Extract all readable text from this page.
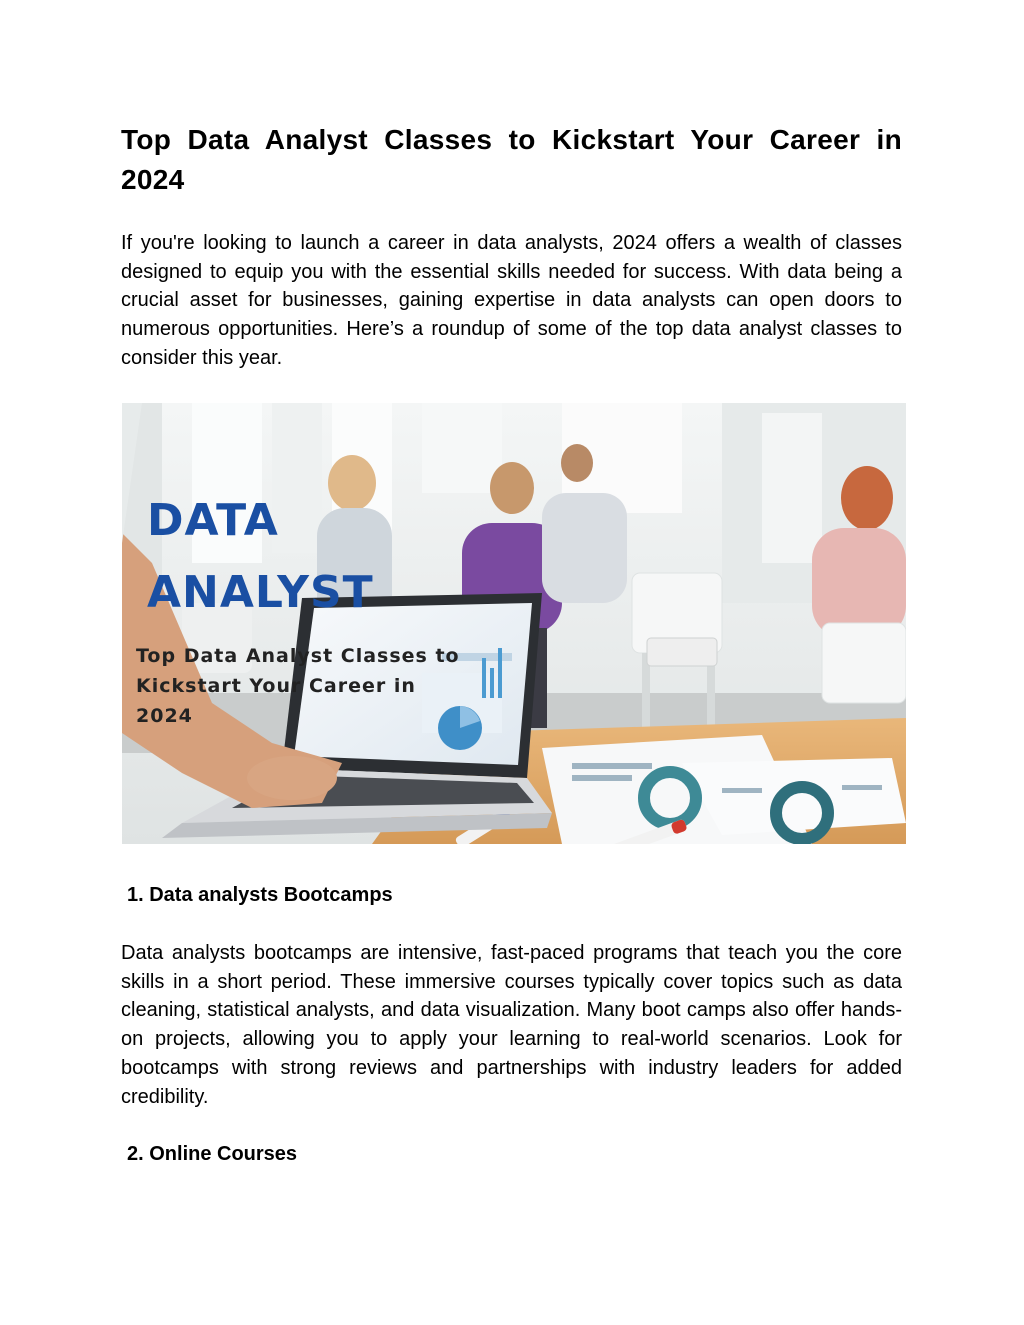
Top Data Analyst Classes to Kickstart Your Career in 2024

If you're looking to launch a career in data analysts, 2024 offers a wealth of classes designed to equip you with the essential skills needed for success. With data being a crucial asset for businesses, gaining expertise in data analysts can open doors to numerous opportunities. Here’s a roundup of some of the top data analyst classes to consider this year.

DATA
ANALYST
Top Data Analyst Classes to
Kickstart Your Career in
2024
1. Data analysts Bootcamps

Data analysts bootcamps are intensive, fast-paced programs that teach you the core skills in a short period. These immersive courses typically cover topics such as data cleaning, statistical analysts, and data visualization. Many boot camps also offer hands-on projects, allowing you to apply your learning to real-world scenarios. Look for bootcamps with strong reviews and partnerships with industry leaders for added credibility.

2. Online Courses
